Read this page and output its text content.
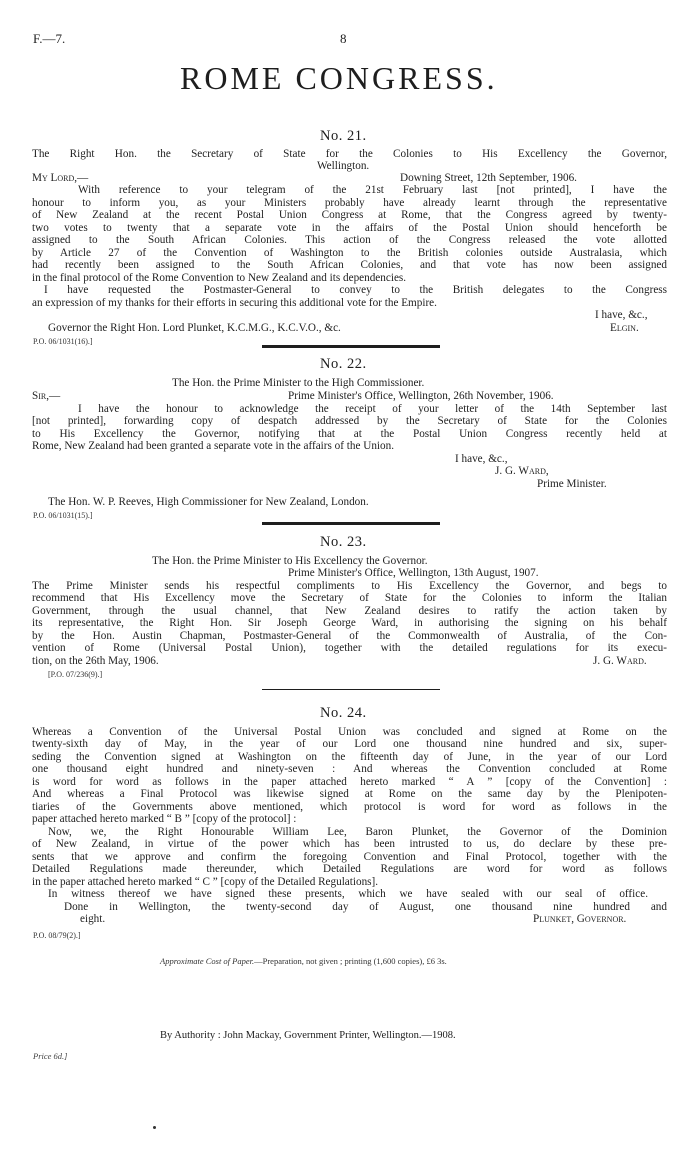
F.—7.	8
ROME CONGRESS.
No. 21.
The Right Hon. the Secretary of State for the Colonies to His Excellency the Governor,
Wellington.
My Lord,—	Downing Street, 12th September, 1906.
With reference to your telegram of the 21st February last [not printed], I have the
honour to inform you, as your Ministers probably have already learnt through the representative
of New Zealand at the recent Postal Union Congress at Rome, that the Congress agreed by twenty-
two votes to twenty that a separate vote in the affairs of the Postal Union should henceforth be
assigned to the South African Colonies. This action of the Congress released the vote allotted
by Article 27 of the Convention of Washington to the British colonies outside Australasia, which
had recently been assigned to the South African Colonies, and that vote has now been assigned
in the final protocol of the Rome Convention to New Zealand and its dependencies.
I have requested the Postmaster-General to convey to the British delegates to the Congress
an expression of my thanks for their efforts in securing this additional vote for the Empire.
I have, &c.,
Governor the Right Hon. Lord Plunket, K.C.M.G., K.C.V.O., &c.	Elgin.
P.O. 06/1031(16).]
No. 22.
The Hon. the Prime Minister to the High Commissioner.
Sir,—	Prime Minister's Office, Wellington, 26th November, 1906.
I have the honour to acknowledge the receipt of your letter of the 14th September last
[not printed], forwarding copy of despatch addressed by the Secretary of State for the Colonies
to His Excellency the Governor, notifying that at the Postal Union Congress recently held at
Rome, New Zealand had been granted a separate vote in the affairs of the Union.
I have, &c.,
J. G. Ward,
Prime Minister.
The Hon. W. P. Reeves, High Commissioner for New Zealand, London.
P.O. 06/1031(15).]
No. 23.
The Hon. the Prime Minister to His Excellency the Governor.
Prime Minister's Office, Wellington, 13th August, 1907.
The Prime Minister sends his respectful compliments to His Excellency the Governor, and begs to
recommend that His Excellency move the Secretary of State for the Colonies to inform the Italian
Government, through the usual channel, that New Zealand desires to ratify the action taken by
its representative, the Right Hon. Sir Joseph George Ward, in authorising the signing on his behalf
by the Hon. Austin Chapman, Postmaster-General of the Commonwealth of Australia, of the Con-
vention of Rome (Universal Postal Union), together with the detailed regulations for its execu-
tion, on the 26th May, 1906.	J. G. Ward.
[P.O. 07/236(9).]
No. 24.
Whereas a Convention of the Universal Postal Union was concluded and signed at Rome on the
twenty-sixth day of May, in the year of our Lord one thousand nine hundred and six, super-
seding the Convention signed at Washington on the fifteenth day of June, in the year of our Lord
one thousand eight hundred and ninety-seven : And whereas the Convention concluded at Rome
is word for word as follows in the paper attached hereto marked “ A ” [copy of the Convention] :
And whereas a Final Protocol was likewise signed at Rome on the same day by the Plenipoten-
tiaries of the Governments above mentioned, which protocol is word for word as follows in the
paper attached hereto marked “ B ” [copy of the protocol] :
Now, we, the Right Honourable William Lee, Baron Plunket, the Governor of the Dominion
of New Zealand, in virtue of the power which has been intrusted to us, do declare by these pre-
sents that we approve and confirm the foregoing Convention and Final Protocol, together with the
Detailed Regulations made thereunder, which Detailed Regulations are word for word as follows
in the paper attached hereto marked “ C ” [copy of the Detailed Regulations].
In witness thereof we have signed these presents, which we have sealed with our seal of office.
Done in Wellington, the twenty-second day of August, one thousand nine hundred and
eight.	Plunket, Governor.
P.O. 08/79(2).]
Approximate Cost of Paper.—Preparation, not given ; printing (1,600 copies), £6 3s.
By Authority : John Mackay, Government Printer, Wellington.—1908.
Price 6d.]
